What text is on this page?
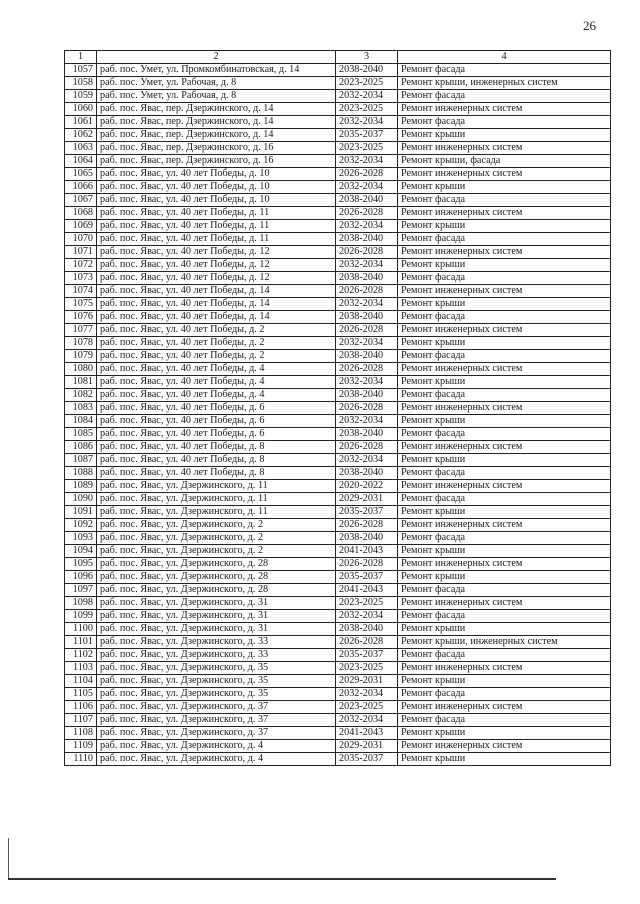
26
1	2	3	4
1057	раб. пос. Умет, ул. Промкомбинатовская, д. 14	2038-2040	Ремонт фасада
1058	раб. пос. Умет, ул. Рабочая, д. 8	2023-2025	Ремонт крыши, инженерных систем
1059	раб. пос. Умет, ул. Рабочая, д. 8	2032-2034	Ремонт фасада
1060	раб. пос. Явас, пер. Дзержинского, д. 14	2023-2025	Ремонт инженерных систем
1061	раб. пос. Явас, пер. Дзержинского, д. 14	2032-2034	Ремонт фасада
1062	раб. пос. Явас, пер. Дзержинского, д. 14	2035-2037	Ремонт крыши
1063	раб. пос. Явас, пер. Дзержинского, д. 16	2023-2025	Ремонт инженерных систем
1064	раб. пос. Явас, пер. Дзержинского, д. 16	2032-2034	Ремонт крыши, фасада
1065	раб. пос. Явас, ул. 40 лет Победы, д. 10	2026-2028	Ремонт инженерных систем
1066	раб. пос. Явас, ул. 40 лет Победы, д. 10	2032-2034	Ремонт крыши
1067	раб. пос. Явас, ул. 40 лет Победы, д. 10	2038-2040	Ремонт фасада
1068	раб. пос. Явас, ул. 40 лет Победы, д. 11	2026-2028	Ремонт инженерных систем
1069	раб. пос. Явас, ул. 40 лет Победы, д. 11	2032-2034	Ремонт крыши
1070	раб. пос. Явас, ул. 40 лет Победы, д. 11	2038-2040	Ремонт фасада
1071	раб. пос. Явас, ул. 40 лет Победы, д. 12	2026-2028	Ремонт инженерных систем
1072	раб. пос. Явас, ул. 40 лет Победы, д. 12	2032-2034	Ремонт крыши
1073	раб. пос. Явас, ул. 40 лет Победы, д. 12	2038-2040	Ремонт фасада
1074	раб. пос. Явас, ул. 40 лет Победы, д. 14	2026-2028	Ремонт инженерных систем
1075	раб. пос. Явас, ул. 40 лет Победы, д. 14	2032-2034	Ремонт крыши
1076	раб. пос. Явас, ул. 40 лет Победы, д. 14	2038-2040	Ремонт фасада
1077	раб. пос. Явас, ул. 40 лет Победы, д. 2	2026-2028	Ремонт инженерных систем
1078	раб. пос. Явас, ул. 40 лет Победы, д. 2	2032-2034	Ремонт крыши
1079	раб. пос. Явас, ул. 40 лет Победы, д. 2	2038-2040	Ремонт фасада
1080	раб. пос. Явас, ул. 40 лет Победы, д. 4	2026-2028	Ремонт инженерных систем
1081	раб. пос. Явас, ул. 40 лет Победы, д. 4	2032-2034	Ремонт крыши
1082	раб. пос. Явас, ул. 40 лет Победы, д. 4	2038-2040	Ремонт фасада
1083	раб. пос. Явас, ул. 40 лет Победы, д. 6	2026-2028	Ремонт инженерных систем
1084	раб. пос. Явас, ул. 40 лет Победы, д. 6	2032-2034	Ремонт крыши
1085	раб. пос. Явас, ул. 40 лет Победы, д. 6	2038-2040	Ремонт фасада
1086	раб. пос. Явас, ул. 40 лет Победы, д. 8	2026-2028	Ремонт инженерных систем
1087	раб. пос. Явас, ул. 40 лет Победы, д. 8	2032-2034	Ремонт крыши
1088	раб. пос. Явас, ул. 40 лет Победы, д. 8	2038-2040	Ремонт фасада
1089	раб. пос. Явас, ул. Дзержинского, д. 11	2020-2022	Ремонт инженерных систем
1090	раб. пос. Явас, ул. Дзержинского, д. 11	2029-2031	Ремонт фасада
1091	раб. пос. Явас, ул. Дзержинского, д. 11	2035-2037	Ремонт крыши
1092	раб. пос. Явас, ул. Дзержинского, д. 2	2026-2028	Ремонт инженерных систем
1093	раб. пос. Явас, ул. Дзержинского, д. 2	2038-2040	Ремонт фасада
1094	раб. пос. Явас, ул. Дзержинского, д. 2	2041-2043	Ремонт крыши
1095	раб. пос. Явас, ул. Дзержинского, д. 28	2026-2028	Ремонт инженерных систем
1096	раб. пос. Явас, ул. Дзержинского, д. 28	2035-2037	Ремонт крыши
1097	раб. пос. Явас, ул. Дзержинского, д. 28	2041-2043	Ремонт фасада
1098	раб. пос. Явас, ул. Дзержинского, д. 31	2023-2025	Ремонт инженерных систем
1099	раб. пос. Явас, ул. Дзержинского, д. 31	2032-2034	Ремонт фасада
1100	раб. пос. Явас, ул. Дзержинского, д. 31	2038-2040	Ремонт крыши
1101	раб. пос. Явас, ул. Дзержинского, д. 33	2026-2028	Ремонт крыши, инженерных систем
1102	раб. пос. Явас, ул. Дзержинского, д. 33	2035-2037	Ремонт фасада
1103	раб. пос. Явас, ул. Дзержинского, д. 35	2023-2025	Ремонт инженерных систем
1104	раб. пос. Явас, ул. Дзержинского, д. 35	2029-2031	Ремонт крыши
1105	раб. пос. Явас, ул. Дзержинского, д. 35	2032-2034	Ремонт фасада
1106	раб. пос. Явас, ул. Дзержинского, д. 37	2023-2025	Ремонт инженерных систем
1107	раб. пос. Явас, ул. Дзержинского, д. 37	2032-2034	Ремонт фасада
1108	раб. пос. Явас, ул. Дзержинского, д. 37	2041-2043	Ремонт крыши
1109	раб. пос. Явас, ул. Дзержинского, д. 4	2029-2031	Ремонт инженерных систем
1110	раб. пос. Явас, ул. Дзержинского, д. 4	2035-2037	Ремонт крыши
